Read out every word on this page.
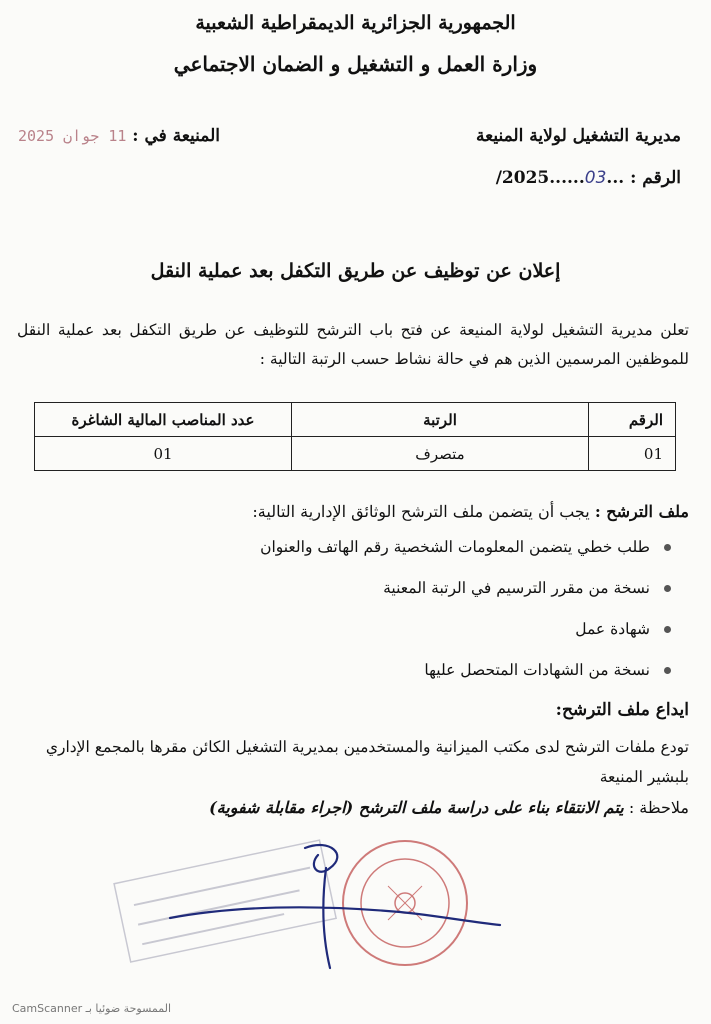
الجمهورية الجزائرية الديمقراطية الشعبية
وزارة العمل و التشغيل و الضمان الاجتماعي
مديرية التشغيل لولاية المنيعة
الرقم : ...03......2025/
المنيعة في : 11 جوان 2025
إعلان عن توظيف عن طريق التكفل بعد عملية النقل
تعلن مديرية التشغيل لولاية المنيعة عن فتح باب الترشح للتوظيف عن طريق التكفل بعد عملية النقل للموظفين المرسمين الذين هم في حالة نشاط حسب الرتبة التالية :
الرقم	الرتبة	عدد المناصب المالية الشاغرة
01	متصرف	01
ملف الترشح : يجب أن يتضمن ملف الترشح الوثائق الإدارية التالية:
طلب خطي يتضمن المعلومات الشخصية رقم الهاتف والعنوان
نسخة من مقرر الترسيم في الرتبة المعنية
شهادة عمل
نسخة من الشهادات المتحصل عليها
ايداع ملف الترشح:
تودع ملفات الترشح لدى مكتب الميزانية والمستخدمين بمديرية التشغيل الكائن مقرها بالمجمع الإداري بلبشير المنيعة
ملاحظة : يتم الانتقاء بناء على دراسة ملف الترشح (اجراء مقابلة شفوية)
الممسوحة ضوئيا بـ CamScanner
